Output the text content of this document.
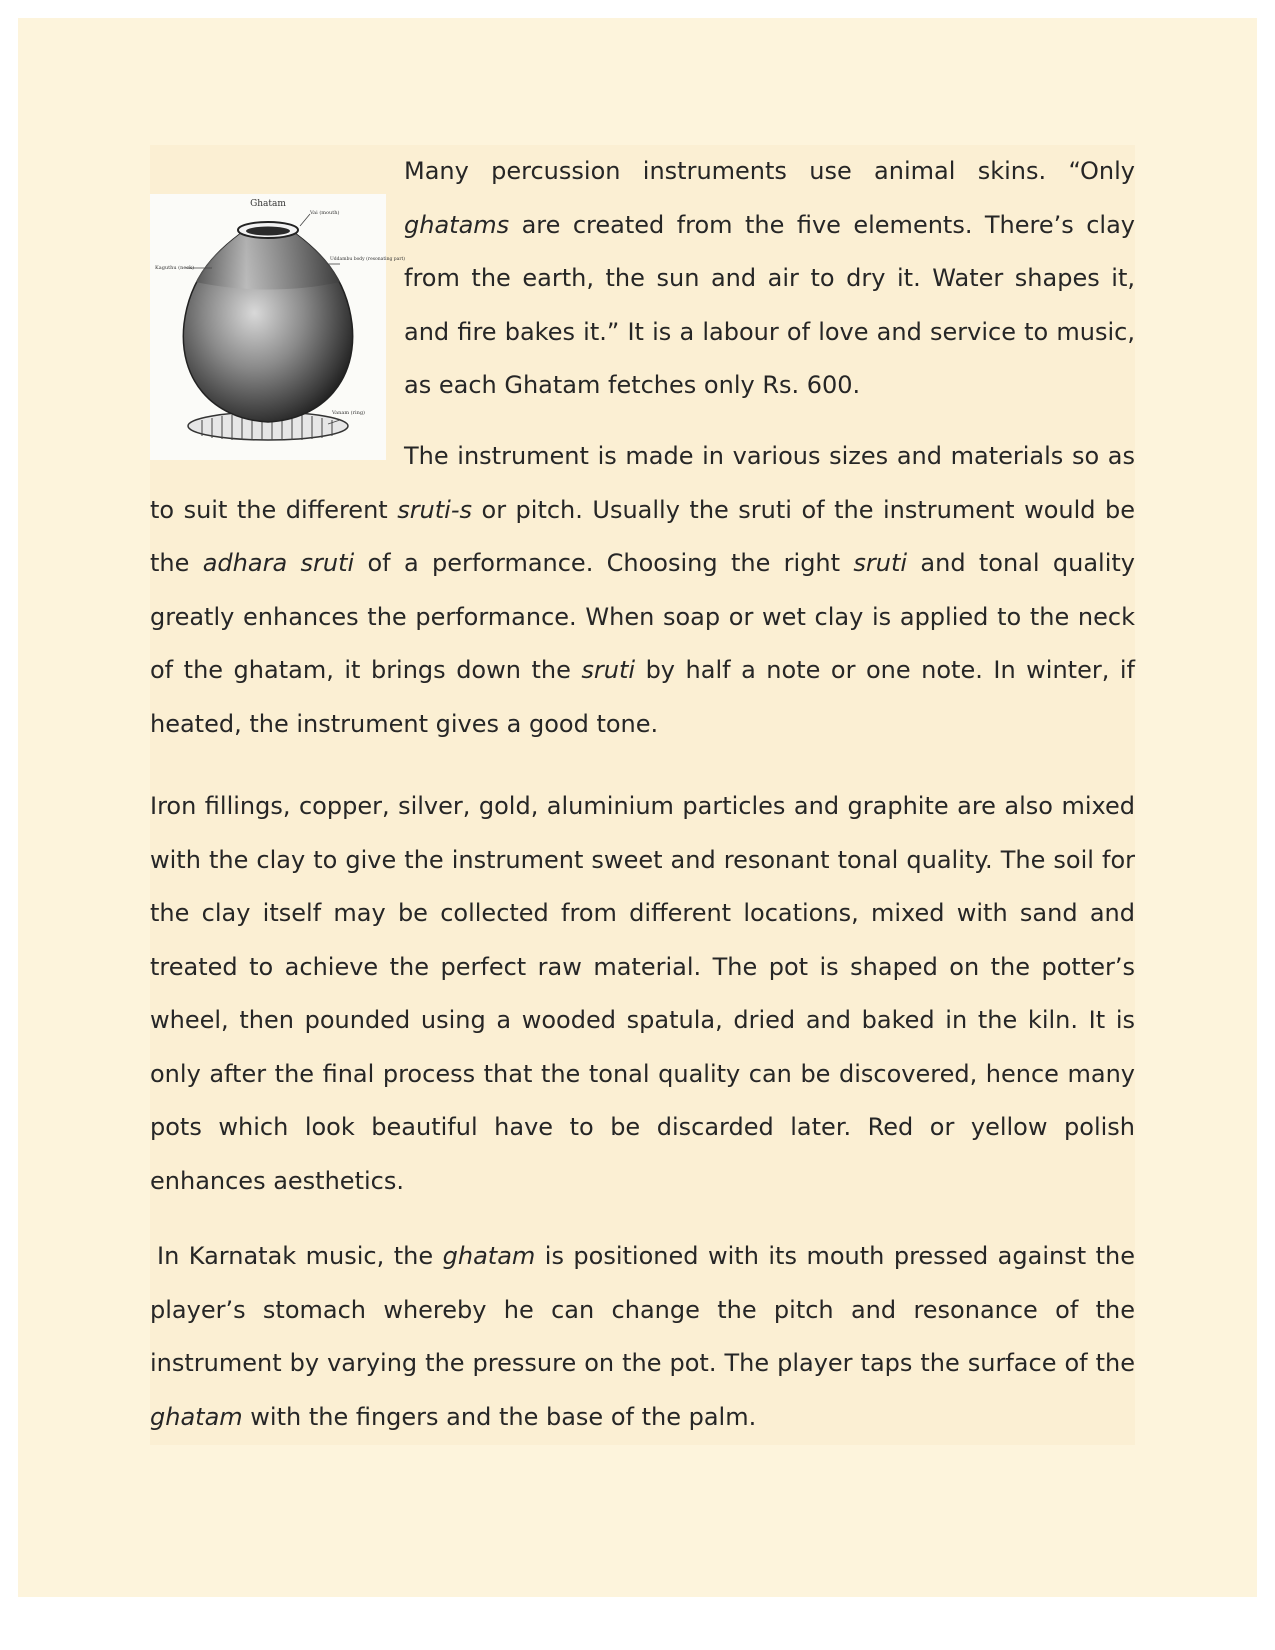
Ghatam
Vai (mouth)
Kaguthu (neck)
Uddambu body (resonating part)
Vanam (ring)

Many percussion instruments use animal skins. “Only ghatams are created from the five elements. There’s clay from the earth, the sun and air to dry it. Water shapes it, and fire bakes it.” It is a labour of love and service to music, as each Ghatam fetches only Rs. 600.

The instrument is made in various sizes and materials so as to suit the different sruti-s or pitch. Usually the sruti of the instrument would be the adhara sruti of a performance. Choosing the right sruti and tonal quality greatly enhances the performance. When soap or wet clay is applied to the neck of the ghatam, it brings down the sruti by half a note or one note. In winter, if heated, the instrument gives a good tone.

Iron fillings, copper, silver, gold, aluminium particles and graphite are also mixed with the clay to give the instrument sweet and resonant tonal quality. The soil for the clay itself may be collected from different locations, mixed with sand and treated to achieve the perfect raw material. The pot is shaped on the potter’s wheel, then pounded using a wooded spatula, dried and baked in the kiln. It is only after the final process that the tonal quality can be discovered, hence many pots which look beautiful have to be discarded later. Red or yellow polish enhances aesthetics.

In Karnatak music, the ghatam is positioned with its mouth pressed against the player’s stomach whereby he can change the pitch and resonance of the instrument by varying the pressure on the pot. The player taps the surface of the ghatam with the fingers and the base of the palm.
